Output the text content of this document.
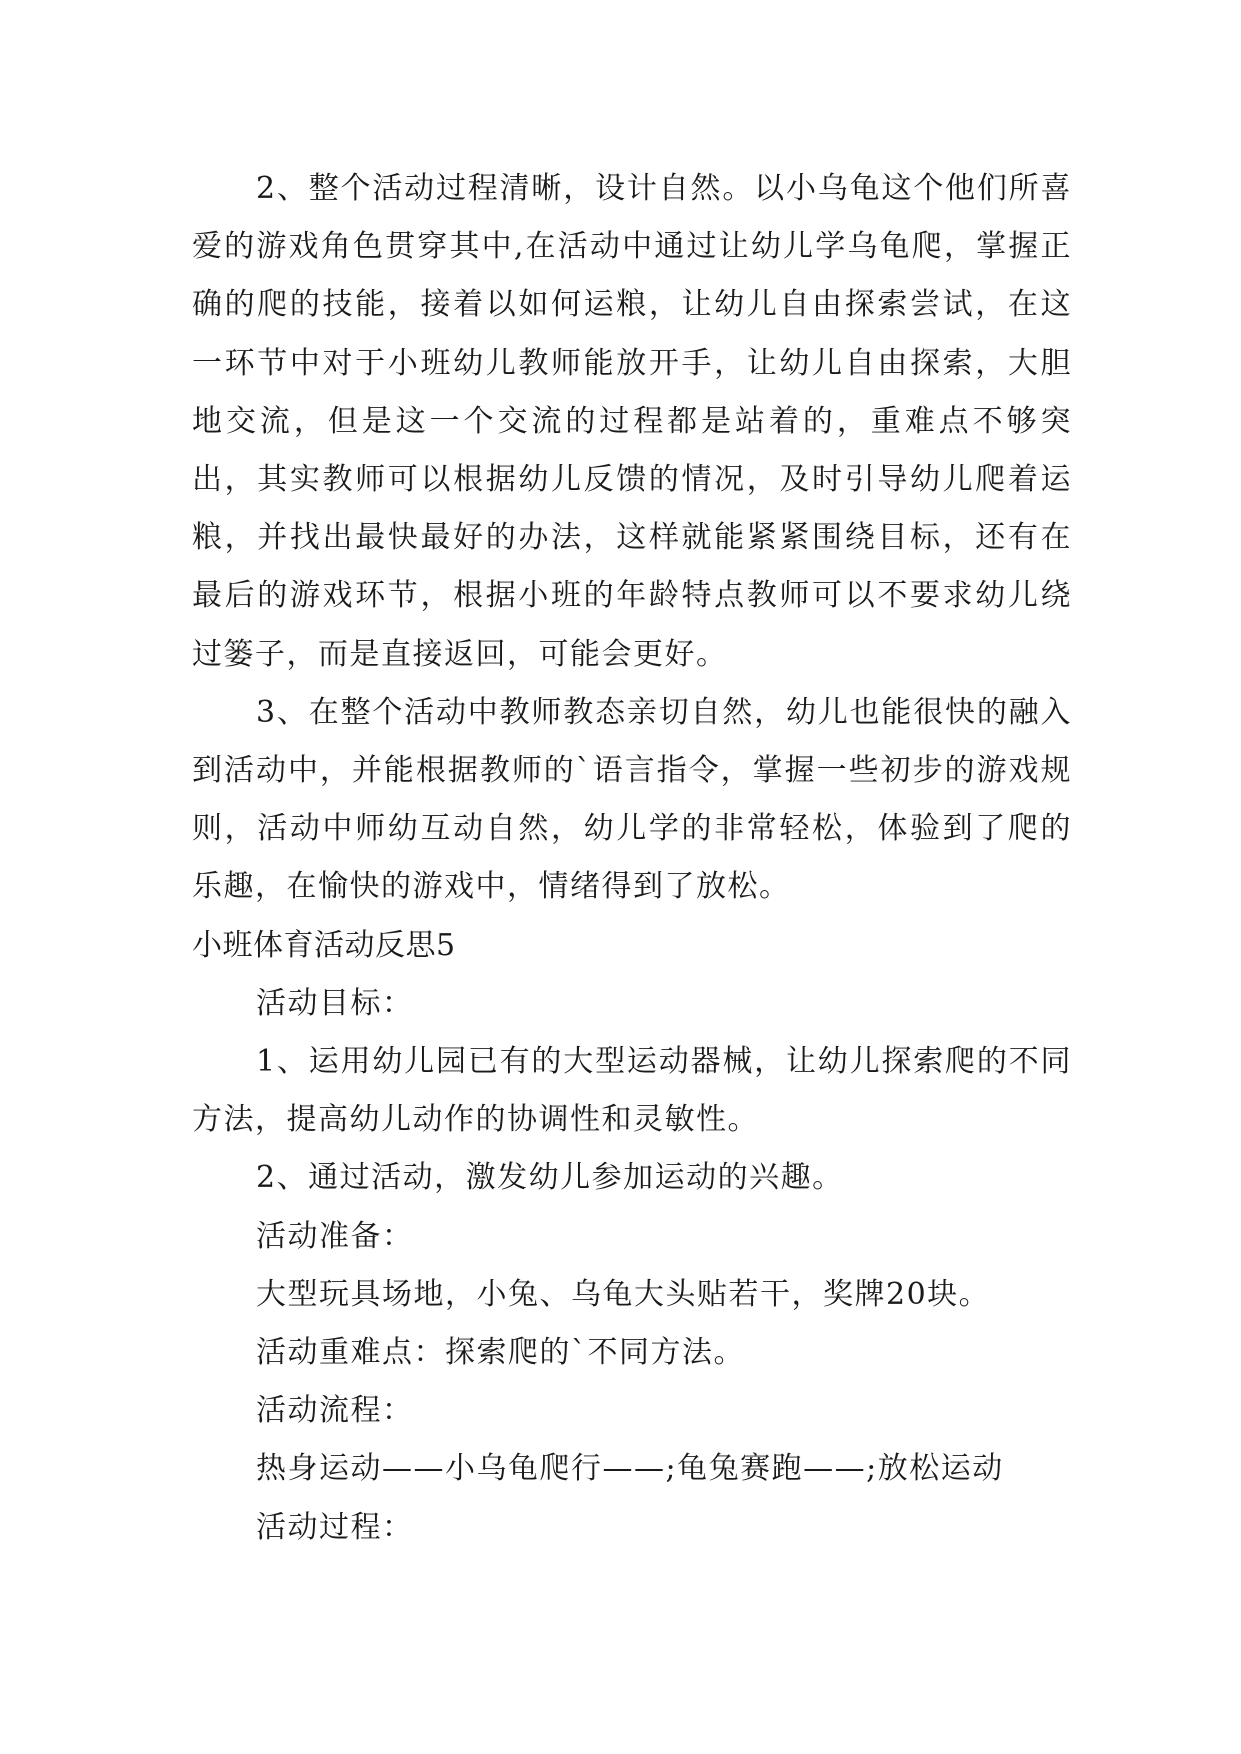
2、整个活动过程清晰，设计自然。以小乌龟这个他们所喜爱的游戏角色贯穿其中,在活动中通过让幼儿学乌龟爬，掌握正确的爬的技能，接着以如何运粮，让幼儿自由探索尝试，在这一环节中对于小班幼儿教师能放开手，让幼儿自由探索，大胆地交流，但是这一个交流的过程都是站着的，重难点不够突出，其实教师可以根据幼儿反馈的情况，及时引导幼儿爬着运粮，并找出最快最好的办法，这样就能紧紧围绕目标，还有在最后的游戏环节，根据小班的年龄特点教师可以不要求幼儿绕过篓子，而是直接返回，可能会更好。

3、在整个活动中教师教态亲切自然，幼儿也能很快的融入到活动中，并能根据教师的`语言指令，掌握一些初步的游戏规则，活动中师幼互动自然，幼儿学的非常轻松，体验到了爬的乐趣，在愉快的游戏中，情绪得到了放松。

小班体育活动反思5

活动目标：

1、运用幼儿园已有的大型运动器械，让幼儿探索爬的不同方法，提高幼儿动作的协调性和灵敏性。

2、通过活动，激发幼儿参加运动的兴趣。

活动准备：

大型玩具场地，小兔、乌龟大头贴若干，奖牌20块。

活动重难点：探索爬的`不同方法。

活动流程：

热身运动——小乌龟爬行——;龟兔赛跑——;放松运动

活动过程：
